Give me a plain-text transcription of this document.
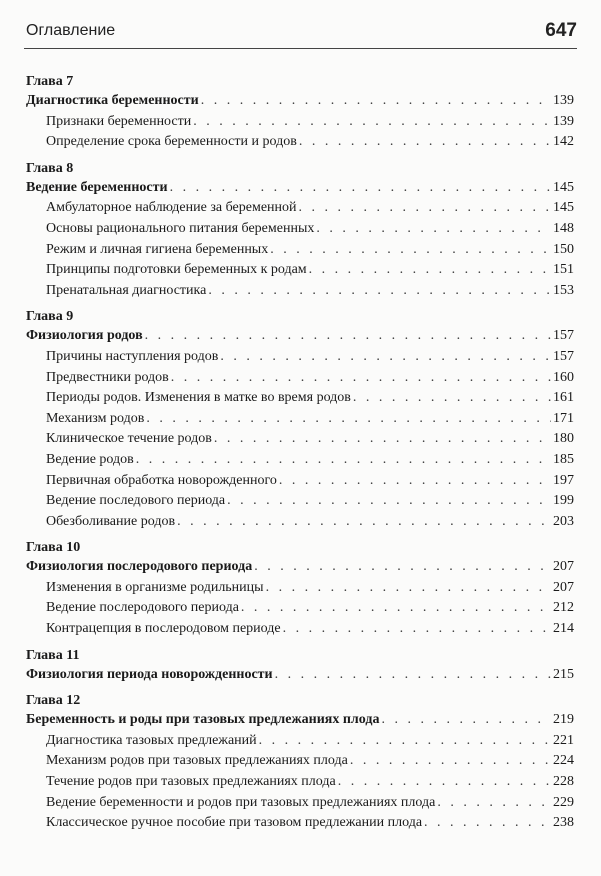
Оглавление	647
Глава 7
Диагностика беременности . . .	139
Признаки беременности . . .	139
Определение срока беременности и родов . . .	142
Глава 8
Ведение беременности . . .	145
Амбулаторное наблюдение за беременной . . .	145
Основы рационального питания беременных . . .	148
Режим и личная гигиена беременных . . .	150
Принципы подготовки беременных к родам . . .	151
Пренатальная диагностика . . .	153
Глава 9
Физиология родов . . .	157
Причины наступления родов . . .	157
Предвестники родов . . .	160
Периоды родов. Изменения в матке во время родов . . .	161
Механизм родов . . .	171
Клиническое течение родов . . .	180
Ведение родов . . .	185
Первичная обработка новорожденного . . .	197
Ведение последового периода . . .	199
Обезболивание родов . . .	203
Глава 10
Физиология послеродового периода . . .	207
Изменения в организме родильницы . . .	207
Ведение послеродового периода . . .	212
Контрацепция в послеродовом периоде . . .	214
Глава 11
Физиология периода новорожденности . . .	215
Глава 12
Беременность и роды при тазовых предлежаниях плода . . .	219
Диагностика тазовых предлежаний . . .	221
Механизм родов при тазовых предлежаниях плода . . .	224
Течение родов при тазовых предлежаниях плода . . .	228
Ведение беременности и родов при тазовых предлежаниях плода . . .	229
Классическое ручное пособие при тазовом предлежании плода . . .	238
